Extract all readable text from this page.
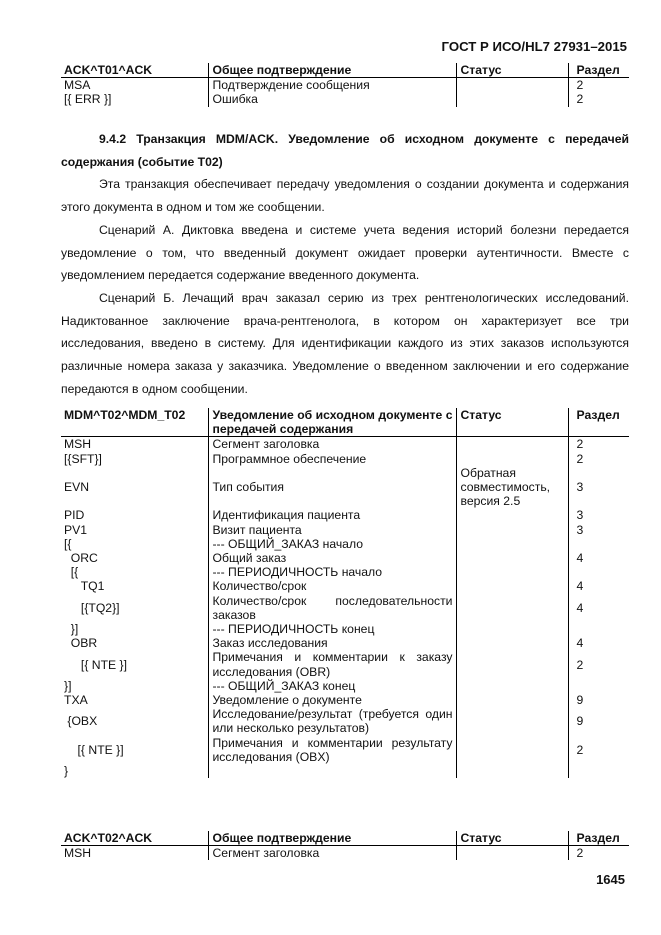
ГОСТ Р ИСО/HL7 27931–2015
ACK^T01^ACK	Общее подтверждение	Статус	Раздел
MSA	Подтверждение сообщения		2
[{ ERR }]	Ошибка		2

9.4.2 Транзакция MDM/ACK. Уведомление об исходном документе с передачей содержания (событие T02)

Эта транзакция обеспечивает передачу уведомления о создании документа и содержания этого документа в одном и том же сообщении.

Сценарий А. Диктовка введена и системе учета ведения историй болезни передается уведомление о том, что введенный документ ожидает проверки аутентичности. Вместе с уведомлением передается содержание введенного документа.

Сценарий Б. Лечащий врач заказал серию из трех рентгенологических исследований. Надиктованное заключение врача-рентгенолога, в котором он характеризует все три исследования, введено в систему. Для идентификации каждого из этих заказов используются различные номера заказа у заказчика. Уведомление о введенном заключении и его содержание передаются в одном сообщении.

MDM^T02^MDM_T02	Уведомление об исходном документе с передачей содержания	Статус	Раздел
MSH	Сегмент заголовка		2
[{SFT}]	Программное обеспечение		2
EVN	Тип события	Обратная совместимость, версия 2.5	3
PID	Идентификация пациента		3
PV1	Визит пациента		3
[{	--- ОБЩИЙ_ЗАКАЗ начало		
ORC	Общий заказ		4
[{	--- ПЕРИОДИЧНОСТЬ начало		
TQ1	Количество/срок		4
[{TQ2}]	Количество/срок последовательности заказов		4
}]	--- ПЕРИОДИЧНОСТЬ конец		
OBR	Заказ исследования		4
[{ NTE }]	Примечания и комментарии к заказу исследования (OBR)		2
}]	--- ОБЩИЙ_ЗАКАЗ конец		
TXA	Уведомление о документе		9
{OBX	Исследование/результат (требуется один или несколько результатов)		9
[{ NTE }]	Примечания и комментарии результату исследования (OBX)		2
}			
ACK^T02^ACK	Общее подтверждение	Статус	Раздел
MSH	Сегмент заголовка		2
1645
